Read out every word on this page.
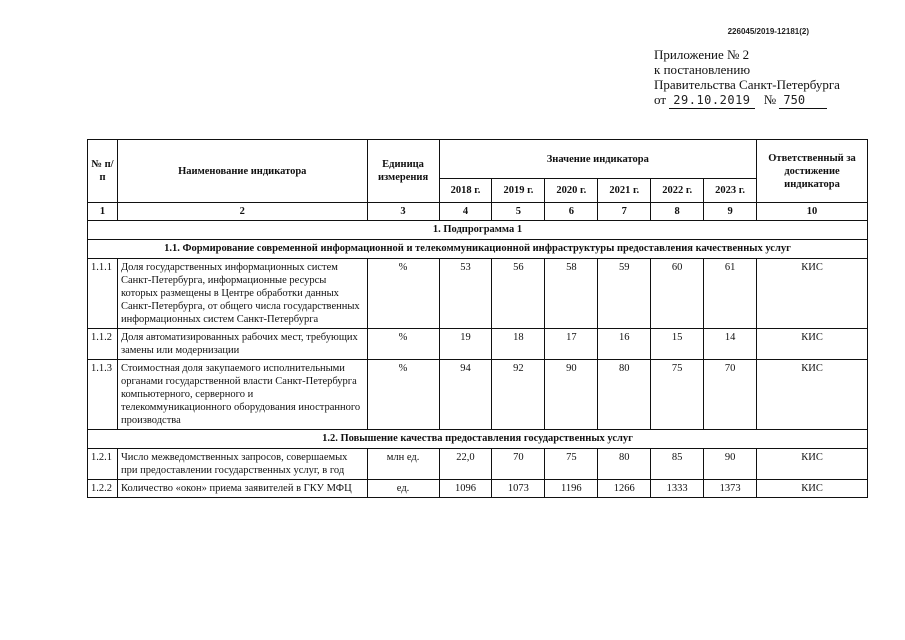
226045/2019-12181(2)
Приложение № 2
к постановлению
Правительства Санкт-Петербурга
от 29.10.2019 № 750
№ п/п	Наименование индикатора	Единица измерения	Значение индикатора						Ответственный за достижение индикатора
			2018 г.	2019 г.	2020 г.	2021 г.	2022 г.	2023 г.	
1	2	3	4	5	6	7	8	9	10
1. Подпрограмма 1									
1.1. Формирование современной информационной и телекоммуникационной инфраструктуры предоставления качественных услуг									
1.1.1	Доля государственных информационных систем Санкт-Петербурга, информационные ресурсы которых размещены в Центре обработки данных Санкт-Петербурга, от общего числа государственных информационных систем Санкт-Петербурга	%	53	56	58	59	60	61	КИС
1.1.2	Доля автоматизированных рабочих мест, требующих замены или модернизации	%	19	18	17	16	15	14	КИС
1.1.3	Стоимостная доля закупаемого исполнительными органами государственной власти Санкт-Петербурга компьютерного, серверного и телекоммуникационного оборудования иностранного производства	%	94	92	90	80	75	70	КИС
1.2. Повышение качества предоставления государственных услуг									
1.2.1	Число межведомственных запросов, совершаемых при предоставлении государственных услуг, в год	млн ед.	22,0	70	75	80	85	90	КИС
1.2.2	Количество «окон» приема заявителей в ГКУ МФЦ	ед.	1096	1073	1196	1266	1333	1373	КИС
